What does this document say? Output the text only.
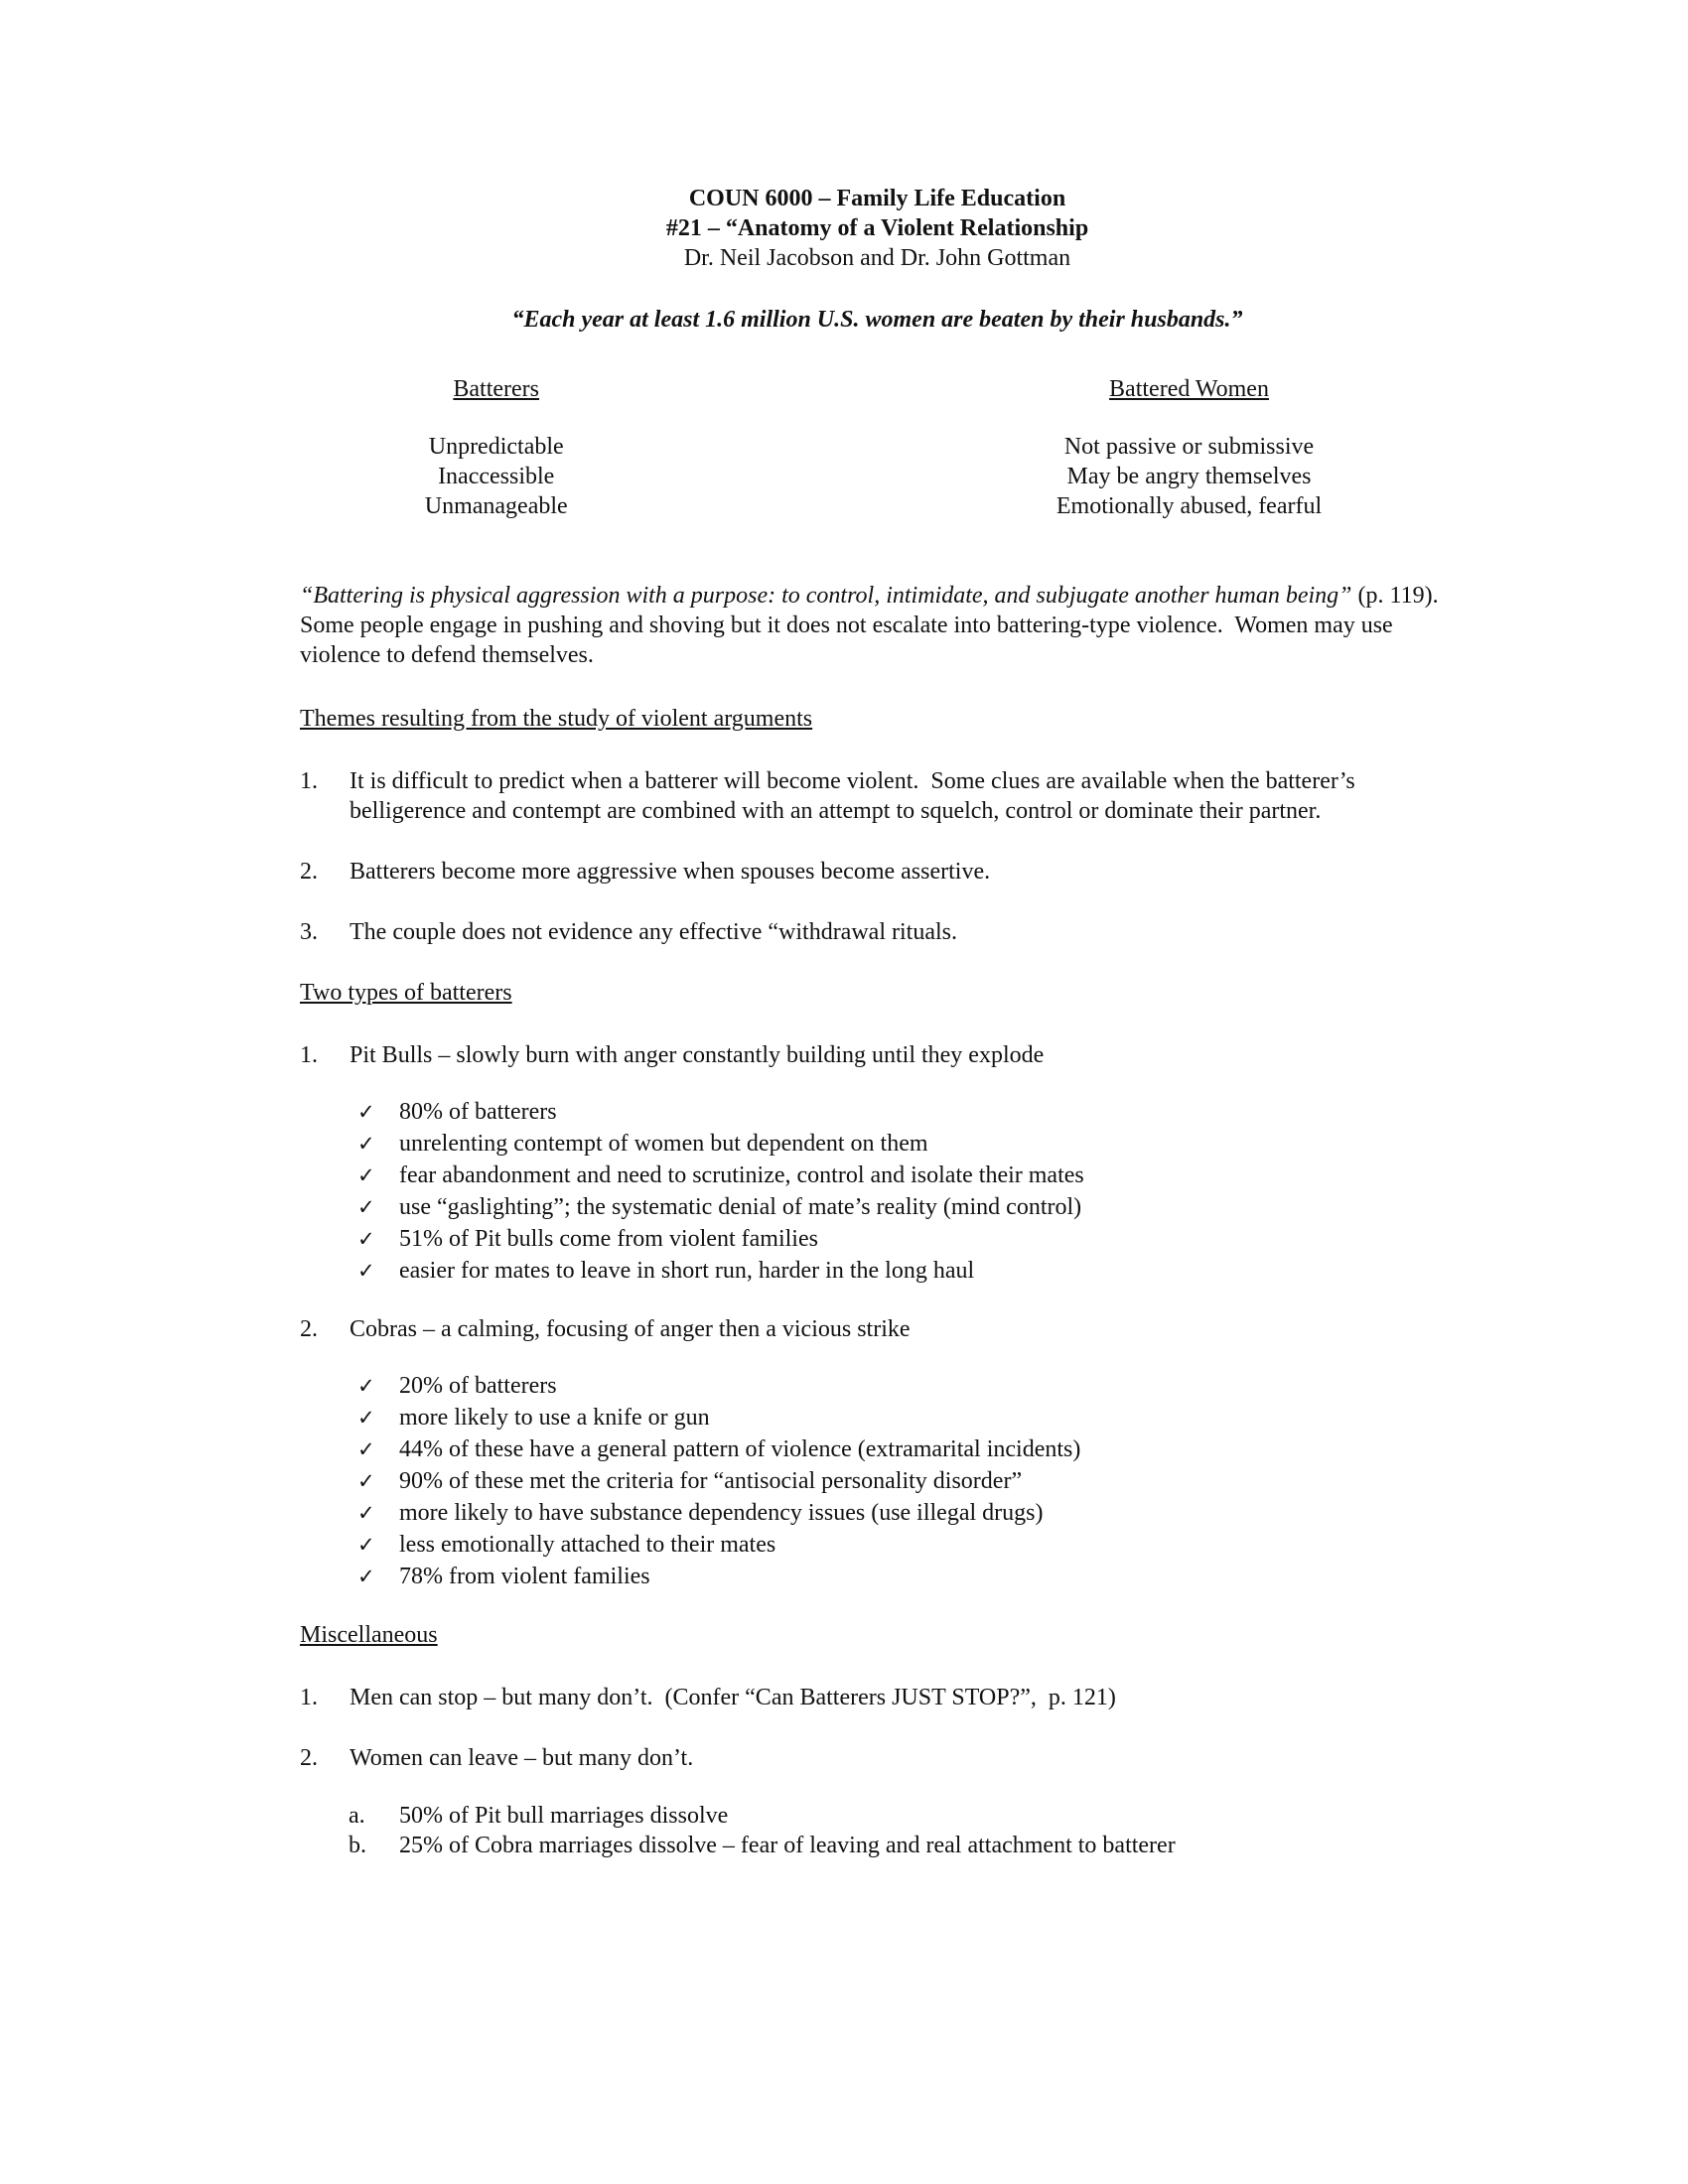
COUN 6000 – Family Life Education
#21 – “Anatomy of a Violent Relationship
Dr. Neil Jacobson and Dr. John Gottman
“Each year at least 1.6 million U.S. women are beaten by their husbands.”
Batterers
Unpredictable
Inaccessible
Unmanageable
Battered Women
Not passive or submissive
May be angry themselves
Emotionally abused, fearful
“Battering is physical aggression with a purpose: to control, intimidate, and subjugate another human being” (p. 119).  Some people engage in pushing and shoving but it does not escalate into battering-type violence.  Women may use violence to defend themselves.
Themes resulting from the study of violent arguments
1. It is difficult to predict when a batterer will become violent.  Some clues are available when the batterer’s belligerence and contempt are combined with an attempt to squelch, control or dominate their partner.
2. Batterers become more aggressive when spouses become assertive.
3. The couple does not evidence any effective “withdrawal rituals.
Two types of batterers
1. Pit Bulls – slowly burn with anger constantly building until they explode
✓ 80% of batterers
✓ unrelenting contempt of women but dependent on them
✓ fear abandonment and need to scrutinize, control and isolate their mates
✓ use “gaslighting”; the systematic denial of mate’s reality (mind control)
✓ 51% of Pit bulls come from violent families
✓ easier for mates to leave in short run, harder in the long haul
2. Cobras – a calming, focusing of anger then a vicious strike
✓ 20% of batterers
✓ more likely to use a knife or gun
✓ 44% of these have a general pattern of violence (extramarital incidents)
✓ 90% of these met the criteria for “antisocial personality disorder”
✓ more likely to have substance dependency issues (use illegal drugs)
✓ less emotionally attached to their mates
✓ 78% from violent families
Miscellaneous
1. Men can stop – but many don’t.  (Confer “Can Batterers JUST STOP?”,  p. 121)
2. Women can leave – but many don’t.
a. 50% of Pit bull marriages dissolve
b. 25% of Cobra marriages dissolve – fear of leaving and real attachment to batterer
